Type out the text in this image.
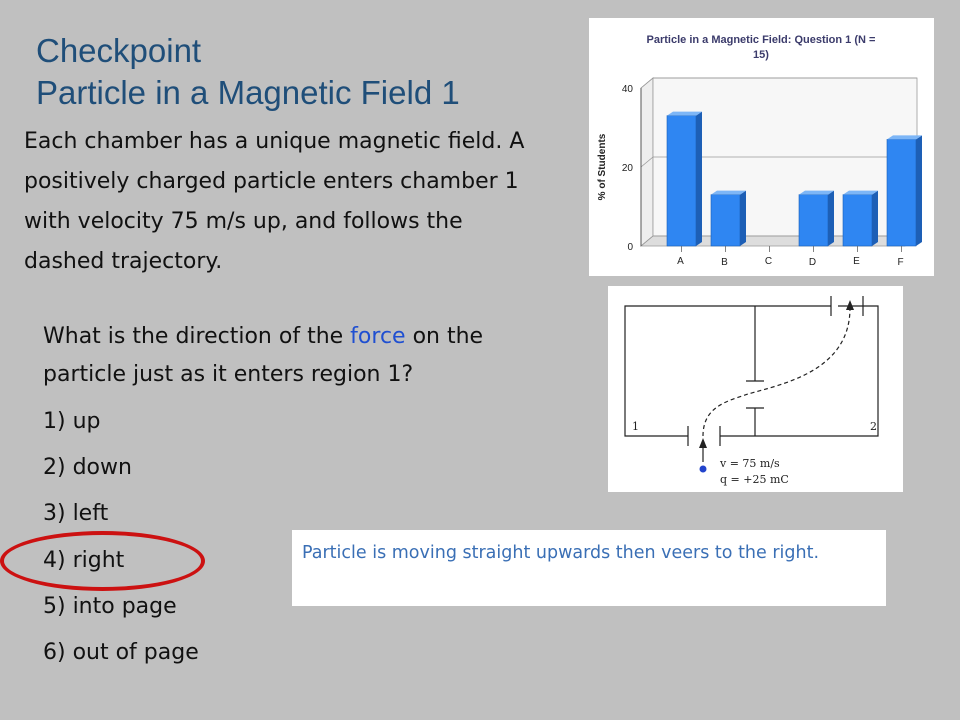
Checkpoint
Particle in a Magnetic Field 1

Each chamber has a unique magnetic field. A positively charged particle enters chamber 1 with velocity 75 m/s up, and follows the dashed trajectory.

What is the direction of the force on the particle just as it enters region 1?

1) up
2) down
3) left
4) right
5) into page
6) out of page
Particle is moving straight upwards then veers to the right.
Particle in a Magnetic Field: Question 1 (N =
15)
0
20
40
% of Students
A	B	C	D	E	F
1	2
v = 75 m/s
q = +25 mC
